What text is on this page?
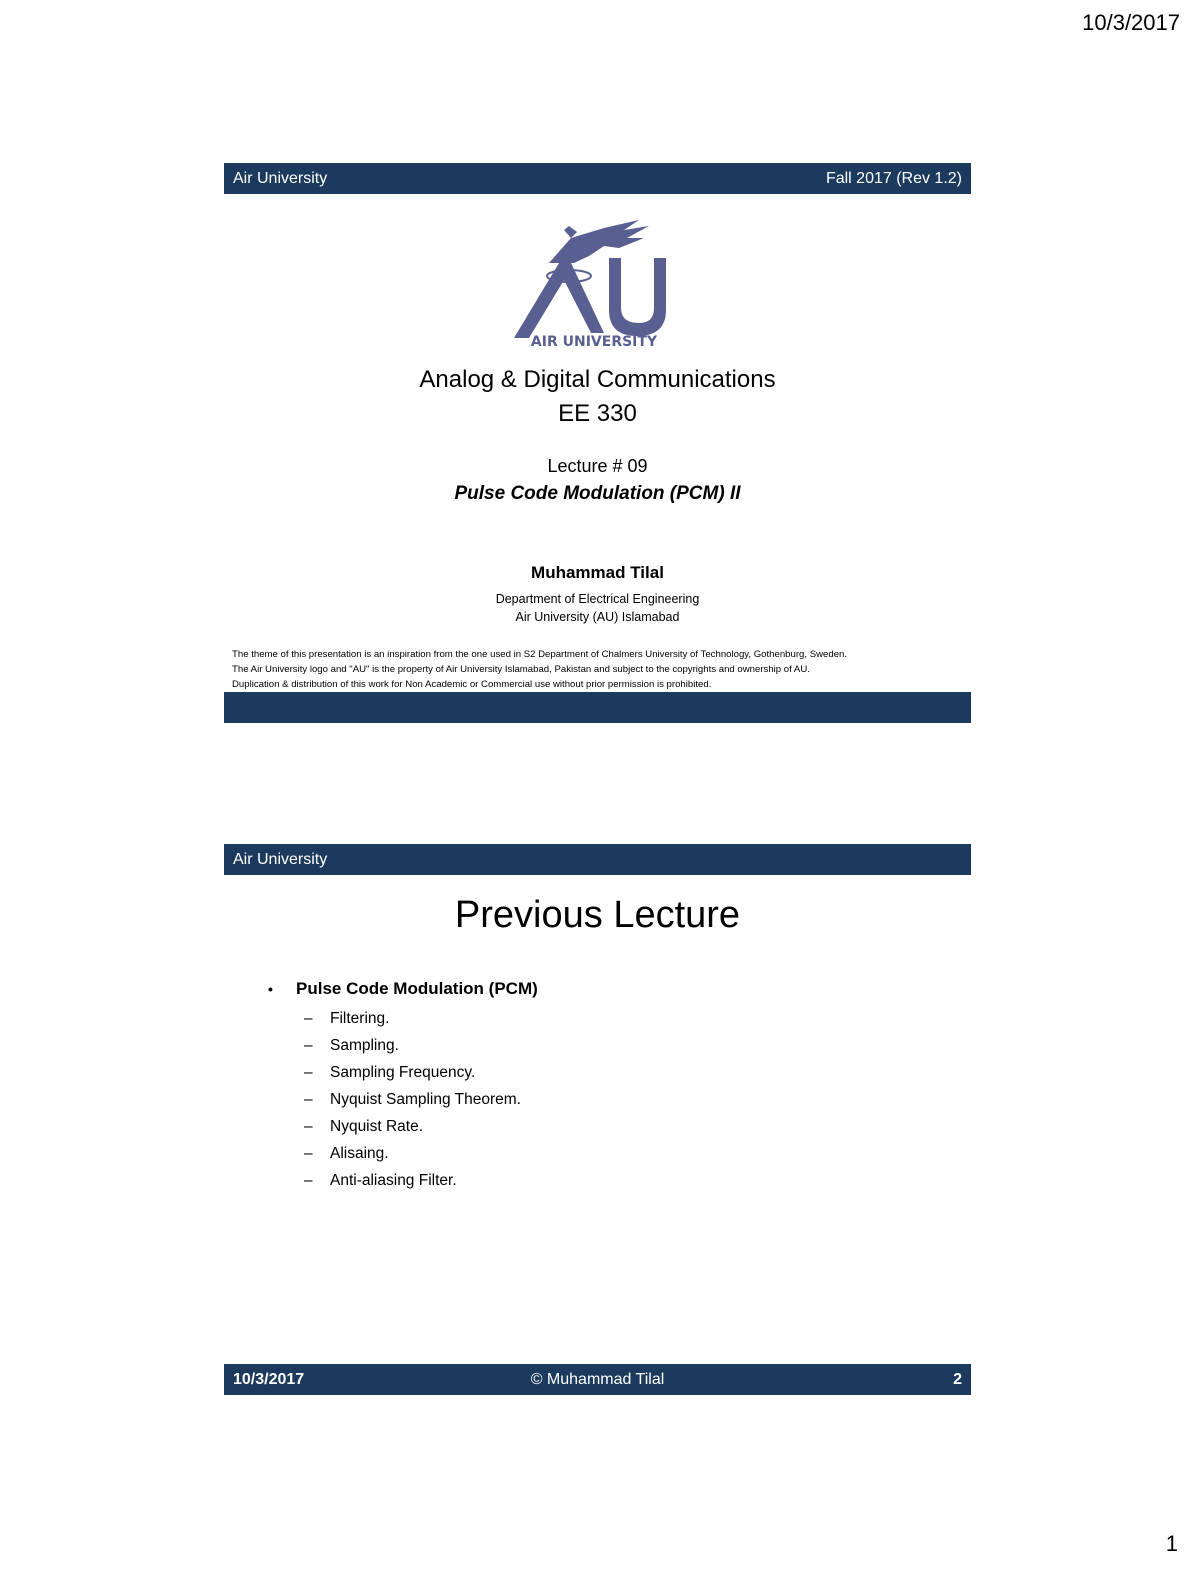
10/3/2017
Air University	Fall 2017 (Rev 1.2)
AIR UNIVERSITY
Analog & Digital Communications
EE 330
Lecture # 09
Pulse Code Modulation (PCM) II
Muhammad Tilal
Department of Electrical Engineering
Air University (AU) Islamabad
The theme of this presentation is an inspiration from the one used in S2 Department of Chalmers University of Technology, Gothenburg, Sweden.
The Air University logo and "AU" is the property of Air University Islamabad, Pakistan and subject to the copyrights and ownership of AU.
Duplication & distribution of this work for Non Academic or Commercial use without prior permission is prohibited.
Air University
Previous Lecture
•	Pulse Code Modulation (PCM)
–	Filtering.
–	Sampling.
–	Sampling Frequency.
–	Nyquist Sampling Theorem.
–	Nyquist Rate.
–	Alisaing.
–	Anti-aliasing Filter.
10/3/2017	© Muhammad Tilal	2
1
